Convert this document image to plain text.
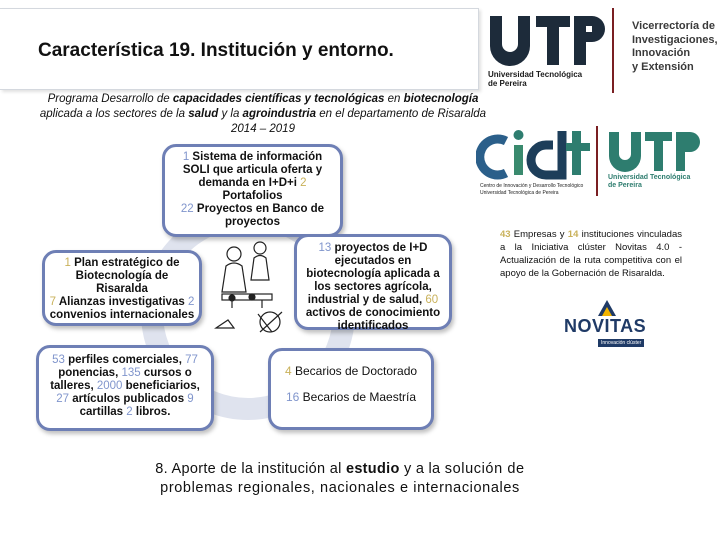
Característica 19. Institución y entorno.
Programa Desarrollo de capacidades científicas y tecnológicas en biotecnología aplicada a los sectores de la salud y la agroindustria en el departamento de Risaralda 2014 – 2019
Universidad Tecnológica
de Pereira
Vicerrectoría de
Investigaciones,
Innovación
y Extensión
Centro de Innovación y Desarrollo Tecnológico
Universidad Tecnológica de Pereira
Universidad Tecnológica
de Pereira
NOVITAS
Innovación clúster
1 Sistema de información SOLI que articula oferta y demanda en I+D+i 2 Portafolios
22 Proyectos en Banco de proyectos
1 Plan estratégico de Biotecnología de Risaralda
7 Alianzas investigativas 2 convenios internacionales
13 proyectos de I+D ejecutados en biotecnología aplicada a los sectores agrícola, industrial y de salud, 60 activos de conocimiento identificados
53 perfiles comerciales, 77 ponencias, 135 cursos o talleres, 2000 beneficiarios, 27 artículos publicados 9 cartillas 2 libros.
4 Becarios de Doctorado

16 Becarios de Maestría
43 Empresas y 14 instituciones vinculadas a la Iniciativa clúster Novitas 4.0 - Actualización de la ruta competitiva con el apoyo de la Gobernación de Risaralda.
8. Aporte de la institución al estudio y a la solución de problemas regionales, nacionales e internacionales
